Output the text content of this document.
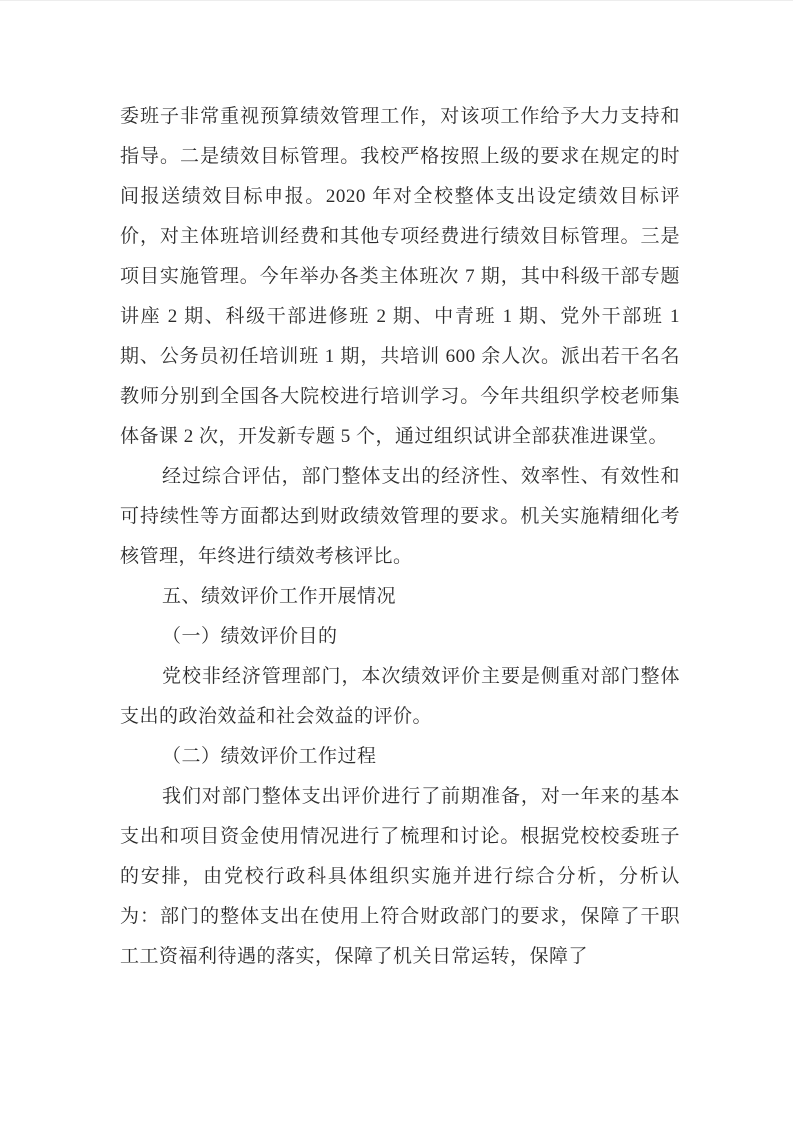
委班子非常重视预算绩效管理工作，对该项工作给予大力支持和指导。二是绩效目标管理。我校严格按照上级的要求在规定的时间报送绩效目标申报。2020 年对全校整体支出设定绩效目标评价，对主体班培训经费和其他专项经费进行绩效目标管理。三是项目实施管理。今年举办各类主体班次 7 期，其中科级干部专题讲座 2 期、科级干部进修班 2 期、中青班 1 期、党外干部班 1 期、公务员初任培训班 1 期，共培训 600 余人次。派出若干名名教师分别到全国各大院校进行培训学习。今年共组织学校老师集体备课 2 次，开发新专题 5 个，通过组织试讲全部获准进课堂。

经过综合评估，部门整体支出的经济性、效率性、有效性和可持续性等方面都达到财政绩效管理的要求。机关实施精细化考核管理，年终进行绩效考核评比。

五、绩效评价工作开展情况

（一）绩效评价目的

党校非经济管理部门，本次绩效评价主要是侧重对部门整体支出的政治效益和社会效益的评价。

（二）绩效评价工作过程

我们对部门整体支出评价进行了前期准备，对一年来的基本支出和项目资金使用情况进行了梳理和讨论。根据党校校委班子的安排，由党校行政科具体组织实施并进行综合分析，分析认为：部门的整体支出在使用上符合财政部门的要求，保障了干职工工资福利待遇的落实，保障了机关日常运转，保障了
